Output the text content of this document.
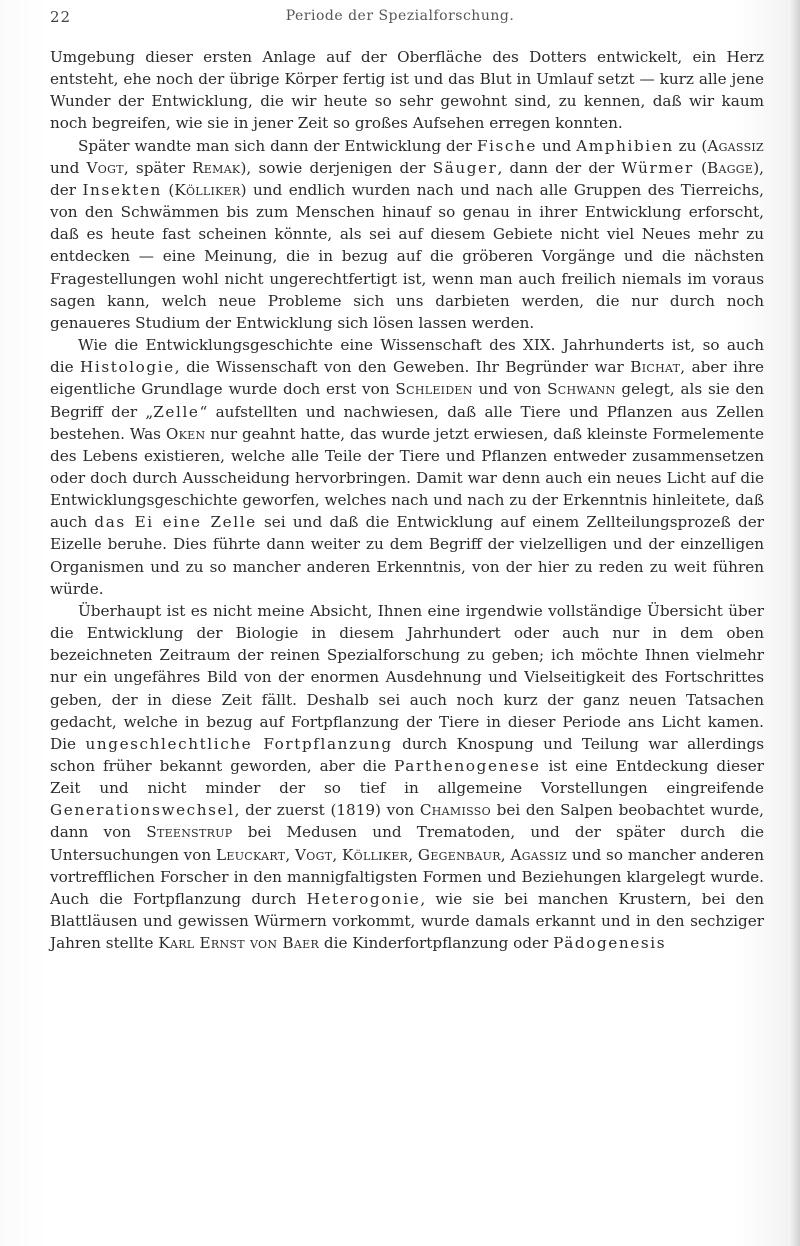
22	Periode der Spezialforschung.

Umgebung dieser ersten Anlage auf der Oberfläche des Dotters entwickelt, ein Herz entsteht, ehe noch der übrige Körper fertig ist und das Blut in Umlauf setzt — kurz alle jene Wunder der Entwicklung, die wir heute so sehr gewohnt sind, zu kennen, daß wir kaum noch begreifen, wie sie in jener Zeit so großes Aufsehen erregen konnten.

Später wandte man sich dann der Entwicklung der Fische und Amphibien zu (Agassiz und Vogt, später Remak), sowie derjenigen der Säuger, dann der der Würmer (Bagge), der Insekten (Kölliker) und endlich wurden nach und nach alle Gruppen des Tierreichs, von den Schwämmen bis zum Menschen hinauf so genau in ihrer Entwicklung erforscht, daß es heute fast scheinen könnte, als sei auf diesem Gebiete nicht viel Neues mehr zu entdecken — eine Meinung, die in bezug auf die gröberen Vorgänge und die nächsten Fragestellungen wohl nicht ungerechtfertigt ist, wenn man auch freilich niemals im voraus sagen kann, welch neue Probleme sich uns darbieten werden, die nur durch noch genaueres Studium der Entwicklung sich lösen lassen werden.

Wie die Entwicklungsgeschichte eine Wissenschaft des XIX. Jahrhunderts ist, so auch die Histologie, die Wissenschaft von den Geweben. Ihr Begründer war Bichat, aber ihre eigentliche Grundlage wurde doch erst von Schleiden und von Schwann gelegt, als sie den Begriff der „Zelle“ aufstellten und nachwiesen, daß alle Tiere und Pflanzen aus Zellen bestehen. Was Oken nur geahnt hatte, das wurde jetzt erwiesen, daß kleinste Formelemente des Lebens existieren, welche alle Teile der Tiere und Pflanzen entweder zusammensetzen oder doch durch Ausscheidung hervorbringen. Damit war denn auch ein neues Licht auf die Entwicklungsgeschichte geworfen, welches nach und nach zu der Erkenntnis hinleitete, daß auch das Ei eine Zelle sei und daß die Entwicklung auf einem Zellteilungsprozeß der Eizelle beruhe. Dies führte dann weiter zu dem Begriff der vielzelligen und der einzelligen Organismen und zu so mancher anderen Erkenntnis, von der hier zu reden zu weit führen würde.

Überhaupt ist es nicht meine Absicht, Ihnen eine irgendwie vollständige Übersicht über die Entwicklung der Biologie in diesem Jahrhundert oder auch nur in dem oben bezeichneten Zeitraum der reinen Spezialforschung zu geben; ich möchte Ihnen vielmehr nur ein ungefähres Bild von der enormen Ausdehnung und Vielseitigkeit des Fortschrittes geben, der in diese Zeit fällt. Deshalb sei auch noch kurz der ganz neuen Tatsachen gedacht, welche in bezug auf Fortpflanzung der Tiere in dieser Periode ans Licht kamen. Die ungeschlechtliche Fortpflanzung durch Knospung und Teilung war allerdings schon früher bekannt geworden, aber die Parthenogenese ist eine Entdeckung dieser Zeit und nicht minder der so tief in allgemeine Vorstellungen eingreifende Generationswechsel, der zuerst (1819) von Chamisso bei den Salpen beobachtet wurde, dann von Steenstrup bei Medusen und Trematoden, und der später durch die Untersuchungen von Leuckart, Vogt, Kölliker, Gegenbaur, Agassiz und so mancher anderen vortrefflichen Forscher in den mannigfaltigsten Formen und Beziehungen klargelegt wurde. Auch die Fortpflanzung durch Heterogonie, wie sie bei manchen Krustern, bei den Blattläusen und gewissen Würmern vorkommt, wurde damals erkannt und in den sechziger Jahren stellte Karl Ernst von Baer die Kinderfortpflanzung oder Pädogenesis
